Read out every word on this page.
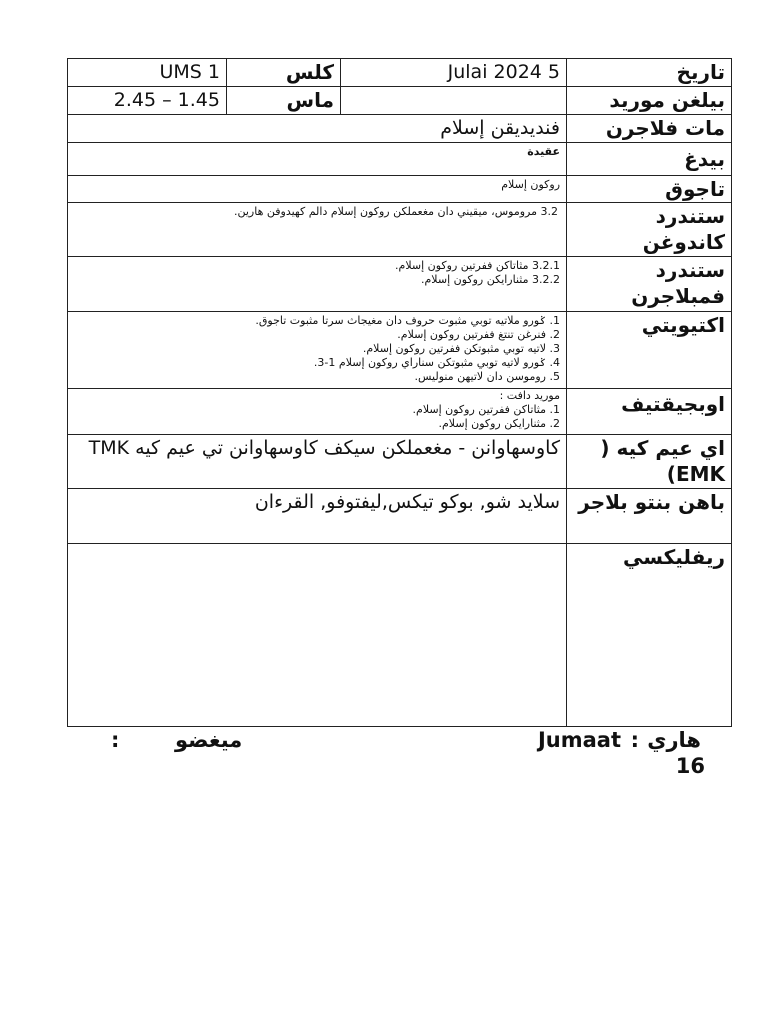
UMS 1	كلس	Julai 2024 5	تاريخ
2.45 – 1.45	ماس		بيلغن موريد
فنديديقن إسلام			مات فلاجرن
عقيدة			بيدغ
روكون إسلام			تاجوق
3.2 مروموس، ميقيني دان مغعملكن روكون إسلام دالم كهيدوفن هارين.			ستندرد كاندوغن

3.2.1 مثاتاكن ففرتين روكون إسلام.
3.2.2 مثنارايكن روكون إسلام.			ستندرد فمبلاجرن

1. ݢورو ملاتيه توبي مثبوت حروف دان مغيجاث سرتا مثبوت تاجوق.
2. فنرغن تنتغ ففرتين روكون إسلام.
3. لاتيه توبي مثبوتكن ففرتين روكون إسلام.
4. ݢورو لاتيه توبي مثبوتكن سناراي روكون إسلام 1-3.
5. روموسن دان لاتيهن منوليس.			اكتيويتي

موريد دافت :
1. مثاتاكن ففرتين روكون إسلام.
2. مثنارايكن روكون إسلام.			اوبجيقتيف
كاوسهاوانن - مغعملكن سيكف كاوسهاوانن تي عيم كيه TMK			اي عيم كيه ( EMK)
سلايد شو, بوكو تيكس,ليفتوفو, القرءان			باهن بنتو بلاجر
			ريفليكسي
هاري
:
Jumaat
16
ميغضو
:
